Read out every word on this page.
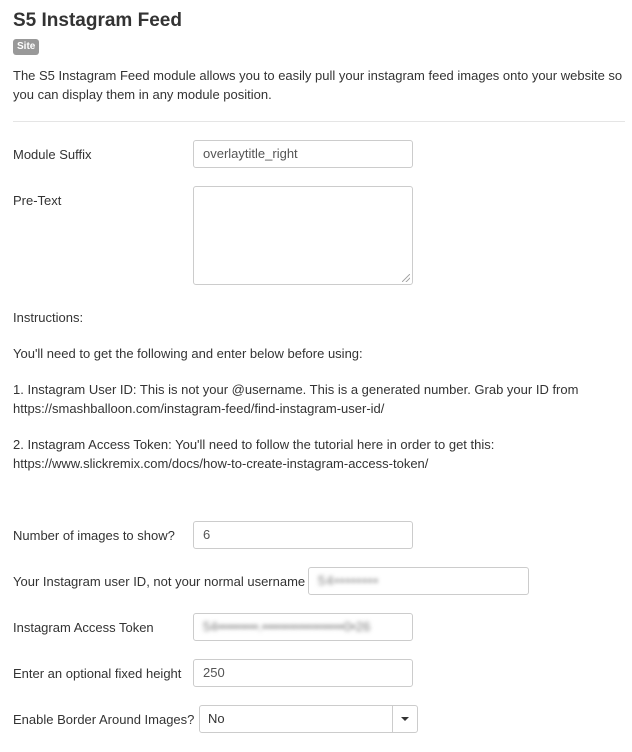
S5 Instagram Feed
Site
The S5 Instagram Feed module allows you to easily pull your instagram feed images onto your website so you can display them in any module position.
Module Suffix	overlaytitle_right
Pre-Text
Instructions:
You'll need to get the following and enter below before using:
1. Instagram User ID: This is not your @username. This is a generated number. Grab your ID from
https://smashballoon.com/instagram-feed/find-instagram-user-id/
2. Instagram Access Token: You'll need to follow the tutorial here in order to get this:
https://www.slickremix.com/docs/how-to-create-instagram-access-token/
Number of images to show?	6
Your Instagram user ID, not your normal username 54••••••••
Instagram Access Token	54•••••••••.••••••••••••••••••0•26
Enter an optional fixed height	250
Enable Border Around Images?	No
